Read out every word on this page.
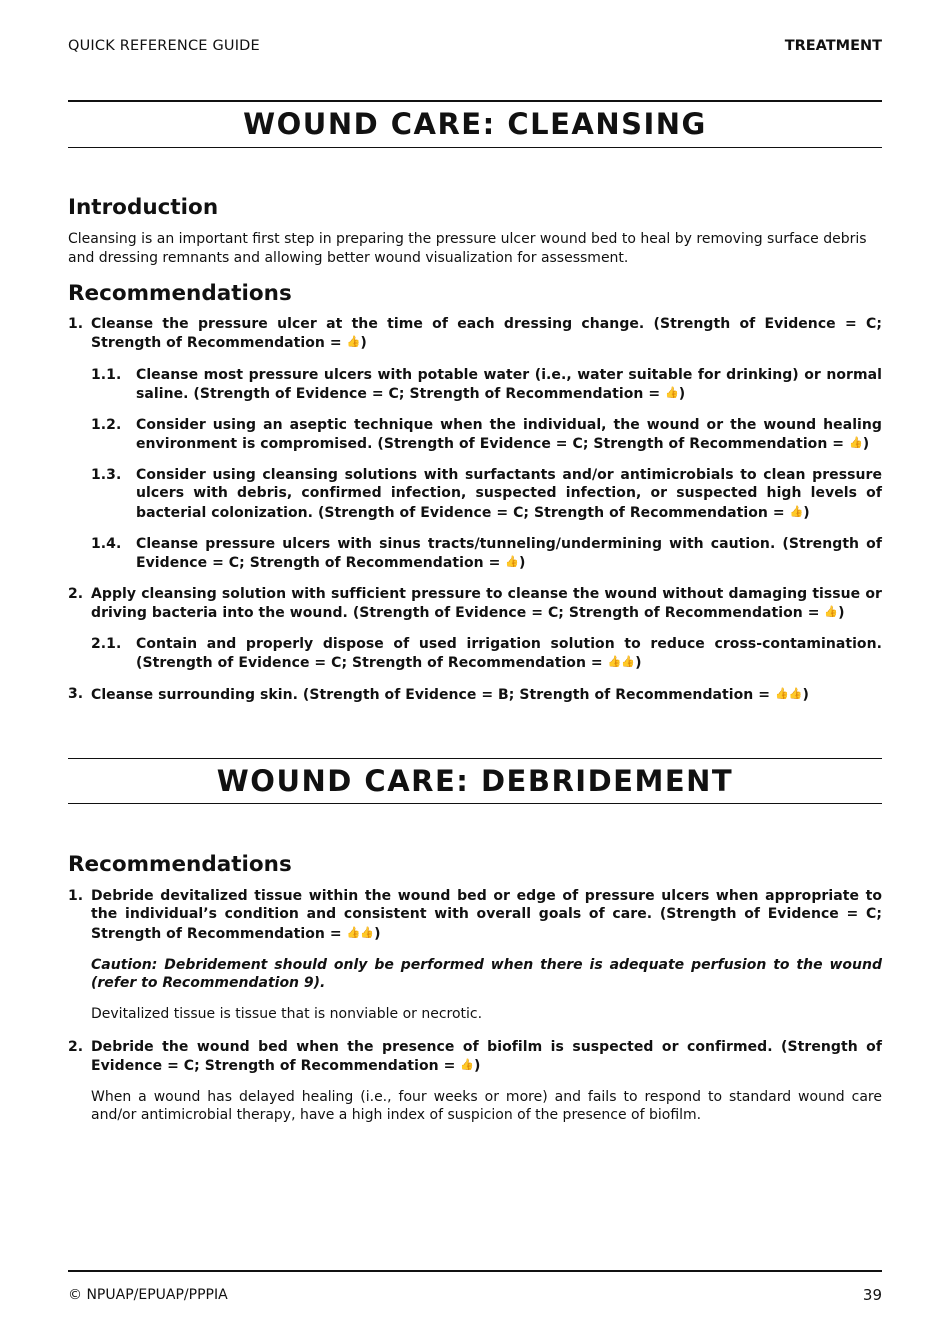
QUICK REFERENCE GUIDE	TREATMENT
WOUND CARE: CLEANSING
Introduction

Cleansing is an important first step in preparing the pressure ulcer wound bed to heal by removing surface debris and dressing remnants and allowing better wound visualization for assessment.

Recommendations
1. Cleanse the pressure ulcer at the time of each dressing change. (Strength of Evidence = C; Strength of Recommendation = 👍)
1.1. Cleanse most pressure ulcers with potable water (i.e., water suitable for drinking) or normal saline. (Strength of Evidence = C; Strength of Recommendation = 👍)
1.2. Consider using an aseptic technique when the individual, the wound or the wound healing environment is compromised. (Strength of Evidence = C; Strength of Recommendation = 👍)
1.3. Consider using cleansing solutions with surfactants and/or antimicrobials to clean pressure ulcers with debris, confirmed infection, suspected infection, or suspected high levels of bacterial colonization. (Strength of Evidence = C; Strength of Recommendation = 👍)
1.4. Cleanse pressure ulcers with sinus tracts/tunneling/undermining with caution. (Strength of Evidence = C; Strength of Recommendation = 👍)
2. Apply cleansing solution with sufficient pressure to cleanse the wound without damaging tissue or driving bacteria into the wound. (Strength of Evidence = C; Strength of Recommendation = 👍)
2.1. Contain and properly dispose of used irrigation solution to reduce cross-contamination. (Strength of Evidence = C; Strength of Recommendation = 👍👍)
3. Cleanse surrounding skin. (Strength of Evidence = B; Strength of Recommendation = 👍👍)
WOUND CARE: DEBRIDEMENT
Recommendations
1. Debride devitalized tissue within the wound bed or edge of pressure ulcers when appropriate to the individual’s condition and consistent with overall goals of care. (Strength of Evidence = C; Strength of Recommendation = 👍👍)

Caution: Debridement should only be performed when there is adequate perfusion to the wound (refer to Recommendation 9).

Devitalized tissue is tissue that is nonviable or necrotic.

2. Debride the wound bed when the presence of biofilm is suspected or confirmed. (Strength of Evidence = C; Strength of Recommendation = 👍)

When a wound has delayed healing (i.e., four weeks or more) and fails to respond to standard wound care and/or antimicrobial therapy, have a high index of suspicion of the presence of biofilm.

© NPUAP/EPUAP/PPPIA	39
